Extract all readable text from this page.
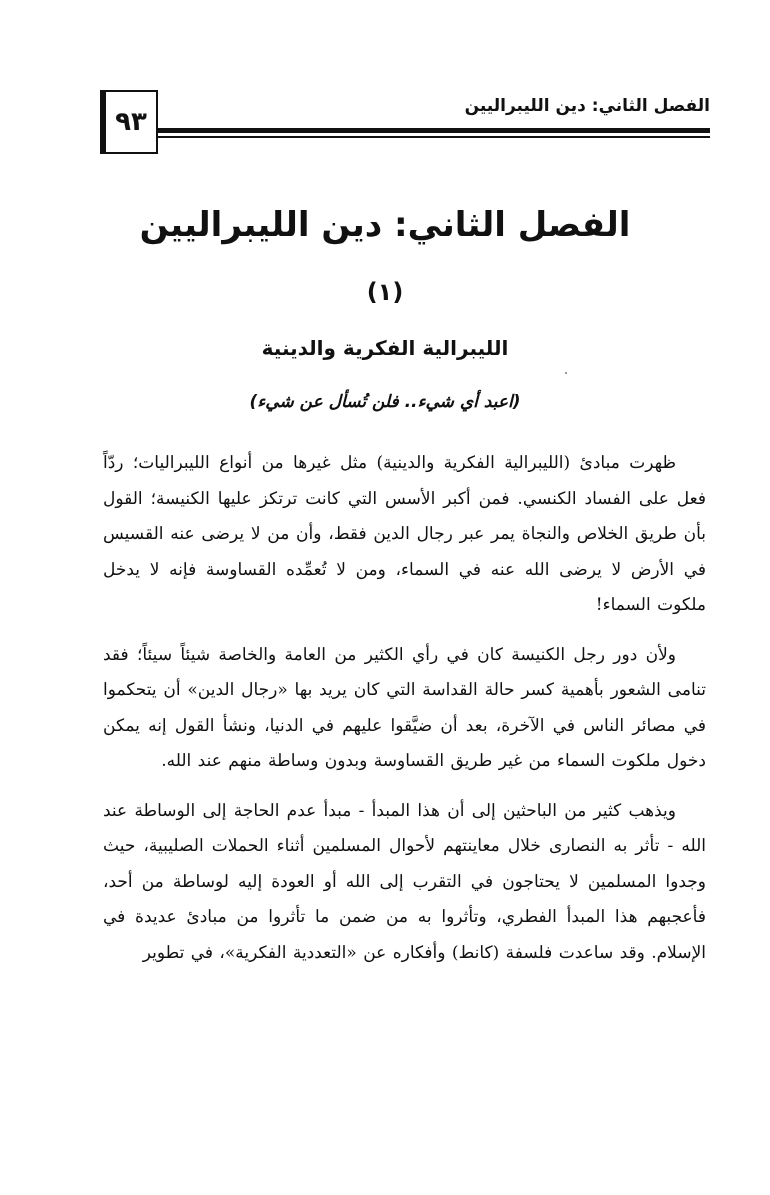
٩٣
الفصل الثاني: دين الليبراليين
الفصل الثاني: دين الليبراليين
(١)
الليبرالية الفكرية والدينية
(اعبد أي شيء.. فلن تُسأل عن شيء)

ظهرت مبادئ (الليبرالية الفكرية والدينية) مثل غيرها من أنواع الليبراليات؛ ردّاً فعل على الفساد الكنسي. فمن أكبر الأسس التي كانت ترتكز عليها الكنيسة؛ القول بأن طريق الخلاص والنجاة يمر عبر رجال الدين فقط، وأن من لا يرضى عنه القسيس في الأرض لا يرضى الله عنه في السماء، ومن لا تُعمِّده القساوسة فإنه لا يدخل ملكوت السماء!

ولأن دور رجل الكنيسة كان في رأي الكثير من العامة والخاصة شيئاً سيئاً؛ فقد تنامى الشعور بأهمية كسر حالة القداسة التي كان يريد بها «رجال الدين» أن يتحكموا في مصائر الناس في الآخرة، بعد أن ضيَّقوا عليهم في الدنيا، ونشأ القول إنه يمكن دخول ملكوت السماء من غير طريق القساوسة وبدون وساطة منهم عند الله.

ويذهب كثير من الباحثين إلى أن هذا المبدأ - مبدأ عدم الحاجة إلى الوساطة عند الله - تأثر به النصارى خلال معاينتهم لأحوال المسلمين أثناء الحملات الصليبية، حيث وجدوا المسلمين لا يحتاجون في التقرب إلى الله أو العودة إليه لوساطة من أحد، فأعجبهم هذا المبدأ الفطري، وتأثروا به من ضمن ما تأثروا من مبادئ عديدة في الإسلام. وقد ساعدت فلسفة (كانط) وأفكاره عن «التعددية الفكرية»، في تطوير
